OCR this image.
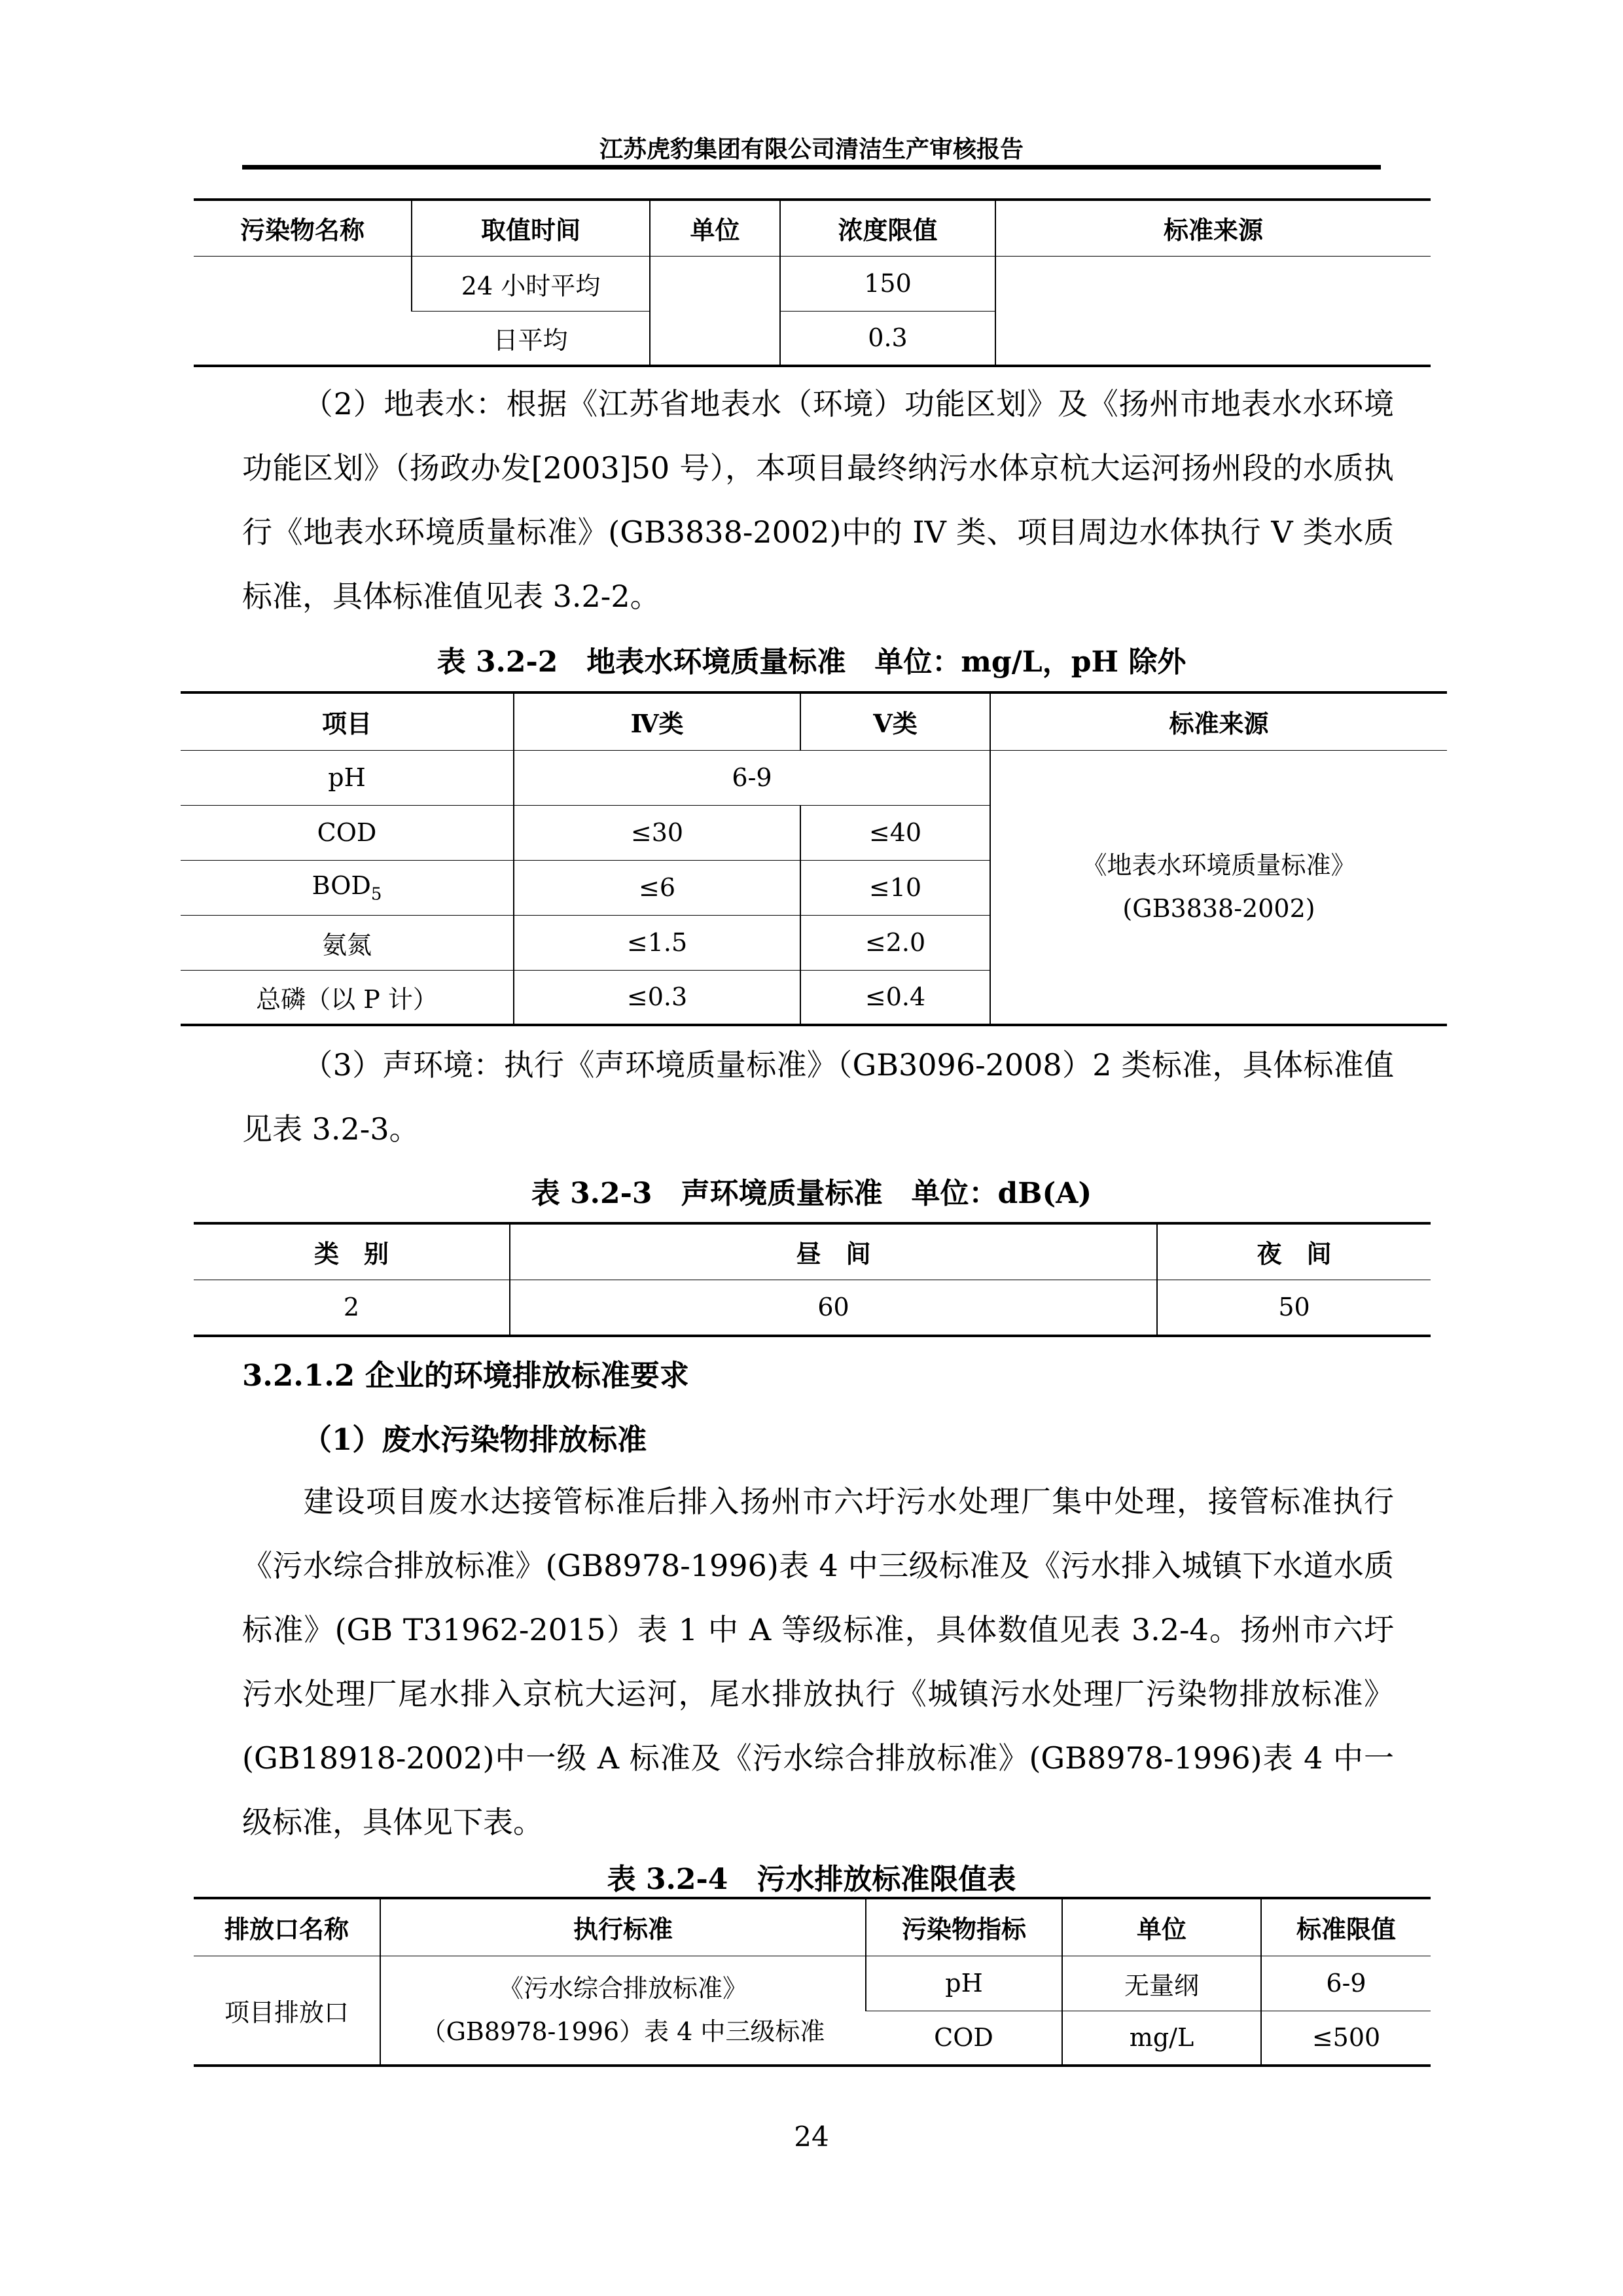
江苏虎豹集团有限公司清洁生产审核报告
污染物名称	取值时间	单位	浓度限值	标准来源
	24 小时平均		150	
	日平均		0.3	
（2）地表水：根据《江苏省地表水（环境）功能区划》及《扬州市地表水水环境功能区划》（扬政办发[2003]50 号），本项目最终纳污水体京杭大运河扬州段的水质执行《地表水环境质量标准》(GB3838-2002)中的 IV 类、项目周边水体执行 V 类水质标准，具体标准值见表 3.2-2。
表 3.2-2　地表水环境质量标准　单位：mg/L，pH 除外
项目	Ⅳ类	Ⅴ类	标准来源
pH	6-9		《地表水环境质量标准》
(GB3838-2002)
COD	≤30	≤40	
$BOD_5$	≤6	≤10	
氨氮	≤1.5	≤2.0	
总磷（以 P 计）	≤0.3	≤0.4	
（3）声环境：执行《声环境质量标准》（GB3096-2008）2 类标准，具体标准值见表 3.2-3。
表 3.2-3　声环境质量标准　单位：dB(A)
类　别	昼　间	夜　间
2	60	50
3.2.1.2 企业的环境排放标准要求
（1）废水污染物排放标准
建设项目废水达接管标准后排入扬州市六圩污水处理厂集中处理，接管标准执行《污水综合排放标准》(GB8978-1996)表 4 中三级标准及《污水排入城镇下水道水质标准》(GB T31962-2015）表 1 中 A 等级标准，具体数值见表 3.2-4。扬州市六圩污水处理厂尾水排入京杭大运河，尾水排放执行《城镇污水处理厂污染物排放标准》(GB18918-2002)中一级 A 标准及《污水综合排放标准》(GB8978-1996)表 4 中一级标准，具体见下表。
表 3.2-4　污水排放标准限值表
排放口名称	执行标准	污染物指标	单位	标准限值
项目排放口	《污水综合排放标准》
（GB8978-1996）表 4 中三级标准	pH	无量纲	6-9
		COD	mg/L	≤500
24
